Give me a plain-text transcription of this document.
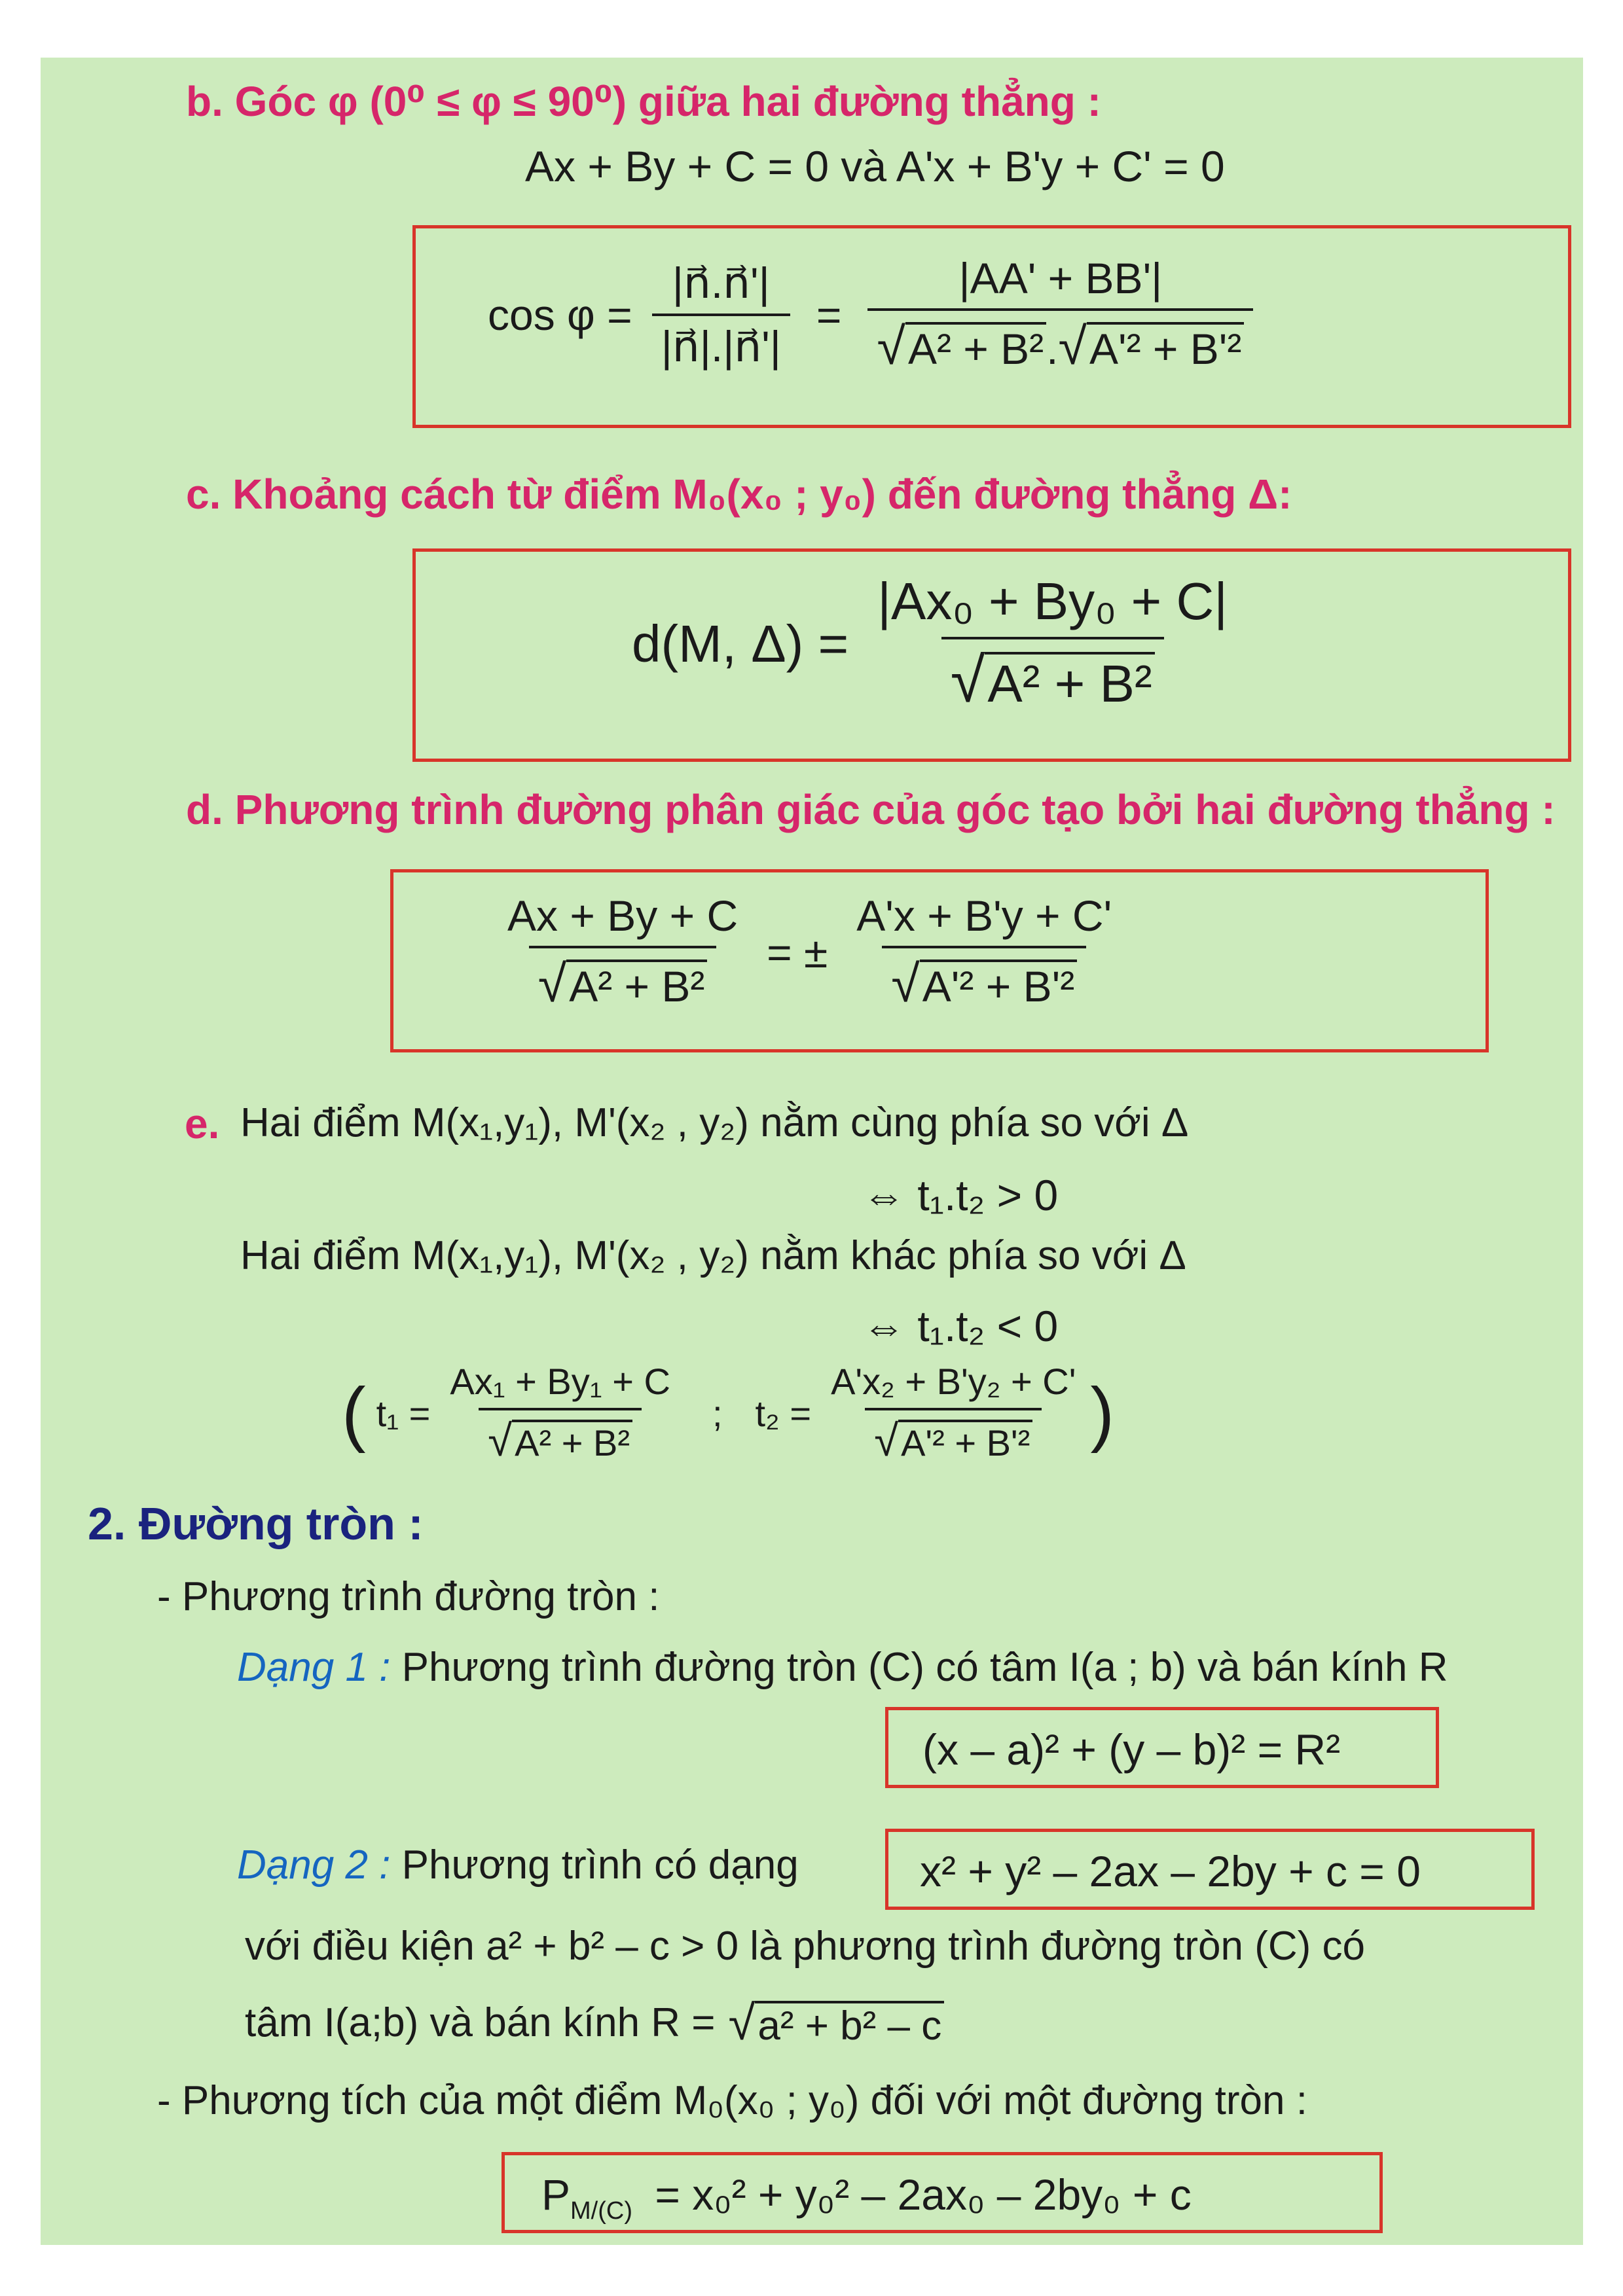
b. Góc φ (0⁰ ≤ φ ≤ 90⁰) giữa hai đường thẳng :
Ax + By + C = 0 và A'x + B'y + C' = 0
$\cos \varphi = \frac{|n⃗.n⃗'|}{|n⃗|.|n⃗'|} = \frac{|AA' + BB'|}{\text{√A² + B².√A'² + B'²}}$
c. Khoảng cách từ điểm M₀(x₀ ; y₀) đến đường thẳng Δ:
d(M, $\Delta) = \frac{\text{|Ax₀ + By₀ + C|}}{\text{√A² + B²}}$
d. Phương trình đường phân giác của góc tạo bởi hai đường thẳng :
$\frac{Ax + By + C}{\text{√A² + B²}}$ = ± $\frac{A'x + B'y + C'}{\text{√A'² + B'²}}$
e. Hai điểm M(x₁,y₁), M'(x₂ , y₂) nằm cùng phía so với Δ
⇔ t₁.t₂ > 0
Hai điểm M(x₁,y₁), M'(x₂ , y₂) nằm khác phía so với Δ
⇔ t₁.t₂ < 0
( $t_1 = \frac{\text{Ax₁ + By₁ + C}}{\text{√A² + B²}}$ ; $t_2 = \frac{\text{A'x₂ + B'y₂ + C'}}{\text{√A'² + B'²}}$ )
2. Đường tròn :
- Phương trình đường tròn :
Dạng 1 : Phương trình đường tròn (C) có tâm I(a ; b) và bán kính R
(x – a)² + (y – b)² = R²
Dạng 2 : Phương trình có dạng	x² + y² – 2ax – 2by + c = 0
với điều kiện a² + b² – c > 0 là phương trình đường tròn (C) có
tâm I(a;b) và bán kính R = √a² + b² – c
- Phương tích của một điểm M₀(x₀ ; y₀) đối với một đường tròn :
$P_{M/(C)} = x_0^2 + y_0^2 - 2ax_0 - 2by_0 + c$
